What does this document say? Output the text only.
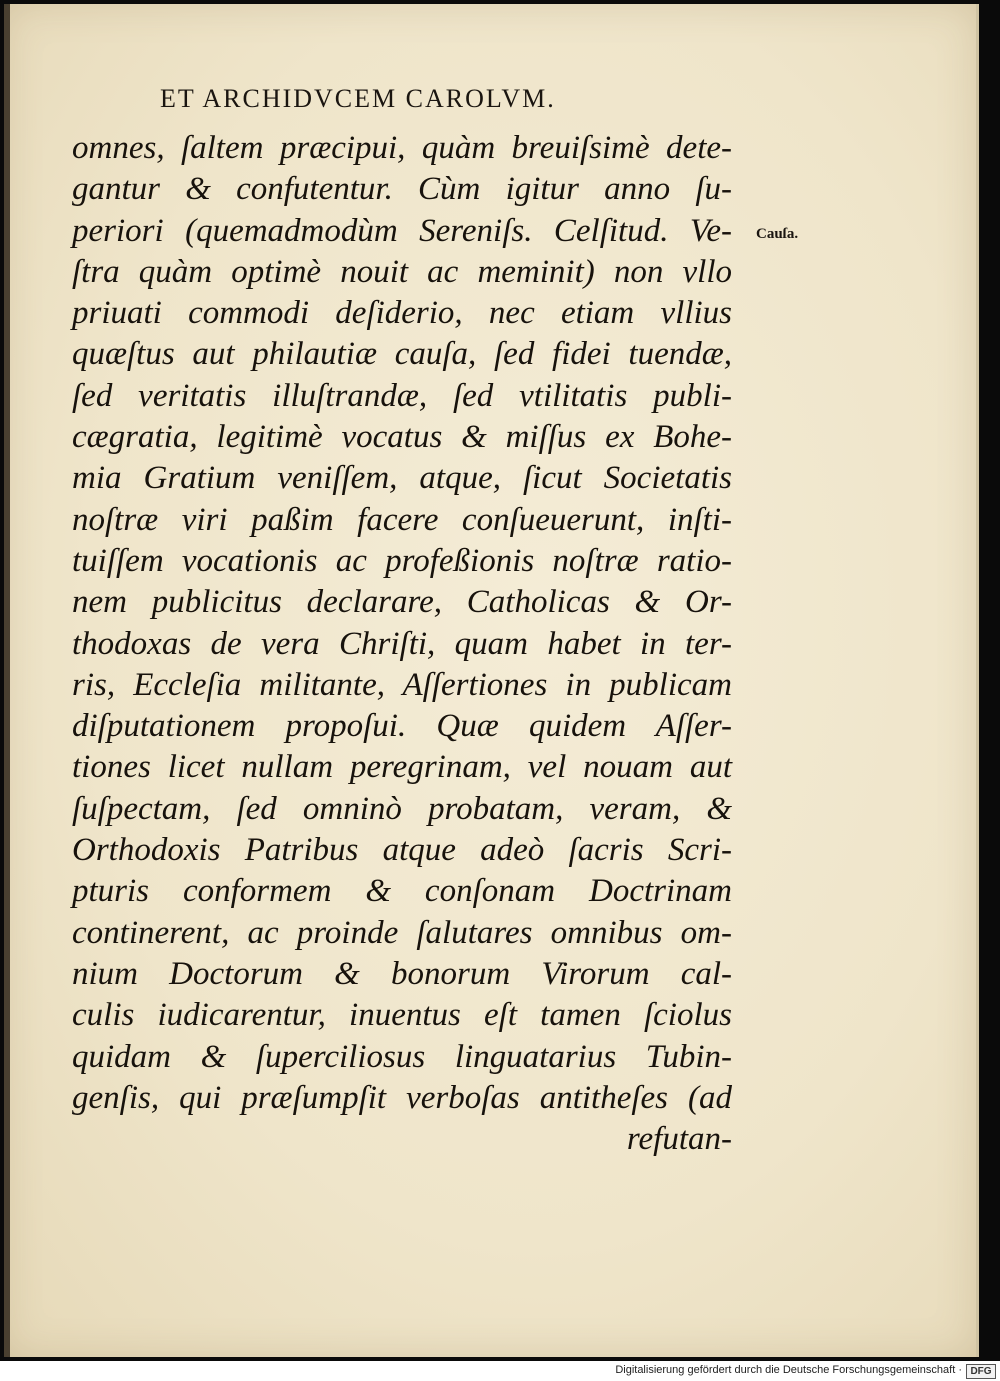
ET ARCHIDVCEM CAROLVM.
Cauſa.
omnes, ſaltem præcipui, quàm breuiſsimè dete-
gantur & confutentur. Cùm igitur anno ſu-
periori (quemadmodùm Sereniſs. Celſitud. Ve-
ſtra quàm optimè nouit ac meminit) non vllo
priuati commodi deſiderio, nec etiam vllius
quæſtus aut philautiæ cauſa, ſed fidei tuendæ,
ſed veritatis illuſtrandæ, ſed vtilitatis publi-
cægratia, legitimè vocatus & miſſus ex Bohe-
mia Gratium veniſſem, atque, ſicut Societatis
noſtræ viri paßim facere conſueuerunt, inſti-
tuiſſem vocationis ac profeßionis noſtræ ratio-
nem publicitus declarare, Catholicas & Or-
thodoxas de vera Chriſti, quam habet in ter-
ris, Eccleſia militante, Aſſertiones in publicam
diſputationem propoſui. Quæ quidem Aſſer-
tiones licet nullam peregrinam, vel nouam aut
ſuſpectam, ſed omninò probatam, veram, &
Orthodoxis Patribus atque adeò ſacris Scri-
pturis conformem & conſonam Doctrinam
continerent, ac proinde ſalutares omnibus om-
nium Doctorum & bonorum Virorum cal-
culis iudicarentur, inuentus eſt tamen ſciolus
quidam & ſuperciliosus linguatarius Tubin-
genſis, qui præſumpſit verboſas antitheſes (ad
refutan-
Digitalisierung gefördert durch die Deutsche Forschungsgemeinschaft · DFG
